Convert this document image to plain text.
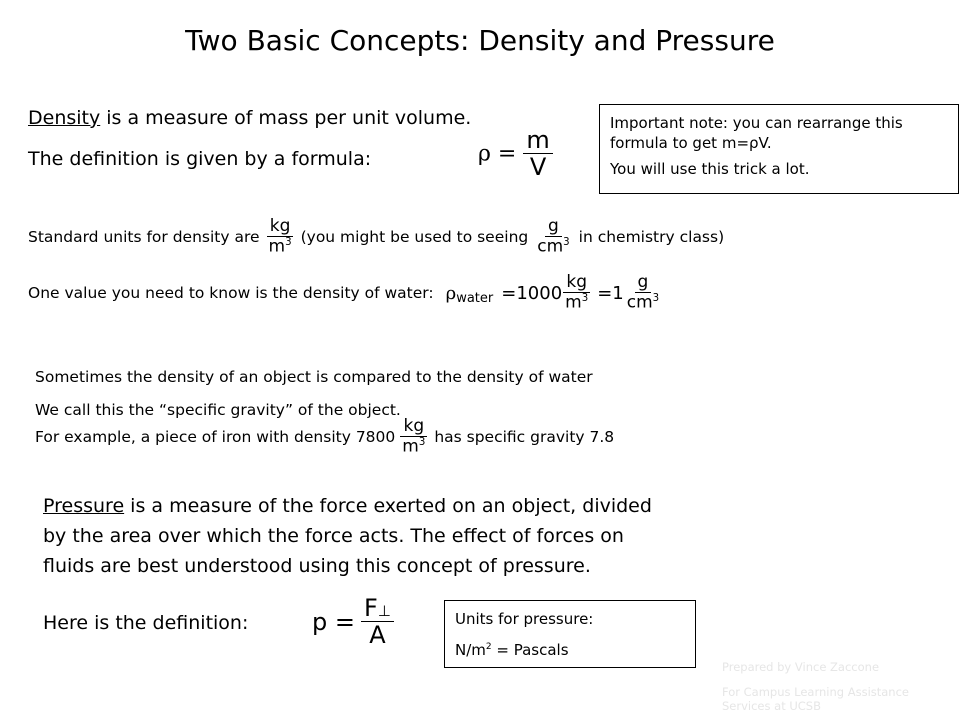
Two Basic Concepts: Density and Pressure
Density is a measure of mass per unit volume.
The definition is given by a formula:	$\rho = \frac{m}{V}$
Important note: you can rearrange this formula to get m=ρV.
You will use this trick a lot.
Standard units for density are $\frac{kg}{m^3} (you$ might be used to seeing $\frac{g}{cm^3}$ in chemistry class)
One value you need to know is the density of water: ρwater $=1000 \frac{kg}{m^3} =1 \frac{g}{cm^3}$
Sometimes the density of an object is compared to the density of water
We call this the “specific gravity” of the object.
For example, a piece of iron with density $7800 \frac{kg}{m^3}$ has specific gravity 7.8
Pressure is a measure of the force exerted on an object, divided
by the area over which the force acts. The effect of forces on
fluids are best understood using this concept of pressure.
Here is the definition:	$p = \frac{F\perp}{A}$	Units for pressure:
$N/m^2$ = Pascals
Prepared by Vince Zaccone
For Campus Learning Assistance Services at UCSB
